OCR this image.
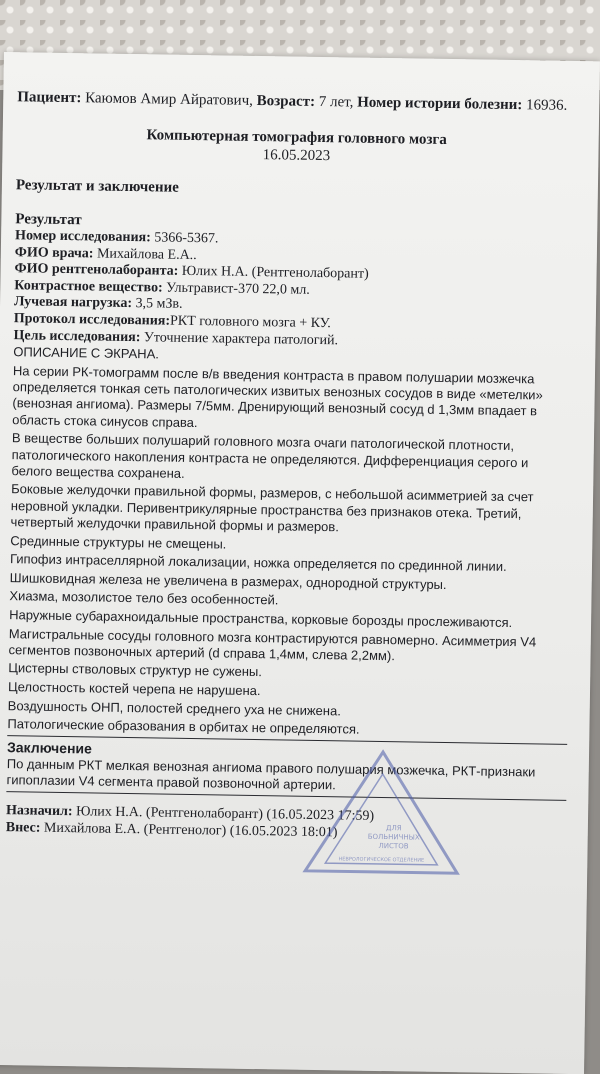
Пациент: Каюмов Амир Айратович, Возраст: 7 лет, Номер истории болезни: 16936.
Компьютерная томография головного мозга
16.05.2023
Результат и заключение
Результат
Номер исследования: 5366-5367.
ФИО врача: Михайлова Е.А..
ФИО рентгенолаборанта: Юлих Н.А. (Рентгенолаборант)
Контрастное вещество: Ультравист-370 22,0 мл.
Лучевая нагрузка: 3,5 мЗв.
Протокол исследования:РКТ головного мозга + КУ.
Цель исследования: Уточнение характера патологий.

ОПИСАНИЕ С ЭКРАНА.

На серии РК-томограмм после в/в введения контраста в правом полушарии мозжечка определяется тонкая сеть патологических извитых венозных сосудов в виде «метелки» (венозная ангиома). Размеры 7/5мм. Дренирующий венозный сосуд d 1,3мм впадает в область стока синусов справа.

В веществе больших полушарий головного мозга очаги патологической плотности, патологического накопления контраста не определяются. Дифференциация серого и белого вещества сохранена.

Боковые желудочки правильной формы, размеров, с небольшой асимметрией за счет неровной укладки. Перивентрикулярные пространства без признаков отека. Третий, четвертый желудочки правильной формы и размеров.

Срединные структуры не смещены.

Гипофиз интраселлярной локализации, ножка определяется по срединной линии.

Шишковидная железа не увеличена в размерах, однородной структуры.

Хиазма, мозолистое тело без особенностей.

Наружные субарахноидальные пространства, корковые борозды прослеживаются.

Магистральные сосуды головного мозга контрастируются равномерно. Асимметрия V4 сегментов позвоночных артерий (d справа 1,4мм, слева 2,2мм).

Цистерны стволовых структур не сужены.

Целостность костей черепа не нарушена.

Воздушность ОНП, полостей среднего уха не снижена.

Патологические образования в орбитах не определяются.

Заключение

По данным РКТ мелкая венозная ангиома правого полушария мозжечка, РКТ-признаки гипоплазии V4 сегмента правой позвоночной артерии.

Назначил: Юлих Н.А. (Рентгенолаборант) (16.05.2023 17:59)
Внес: Михайлова Е.А. (Рентгенолог) (16.05.2023 18:01)	ДЛЯ
БОЛЬНИЧНЫХ
ЛИСТОВ
НЕВРОЛОГИЧЕСКОЕ ОТДЕЛЕНИЕ
